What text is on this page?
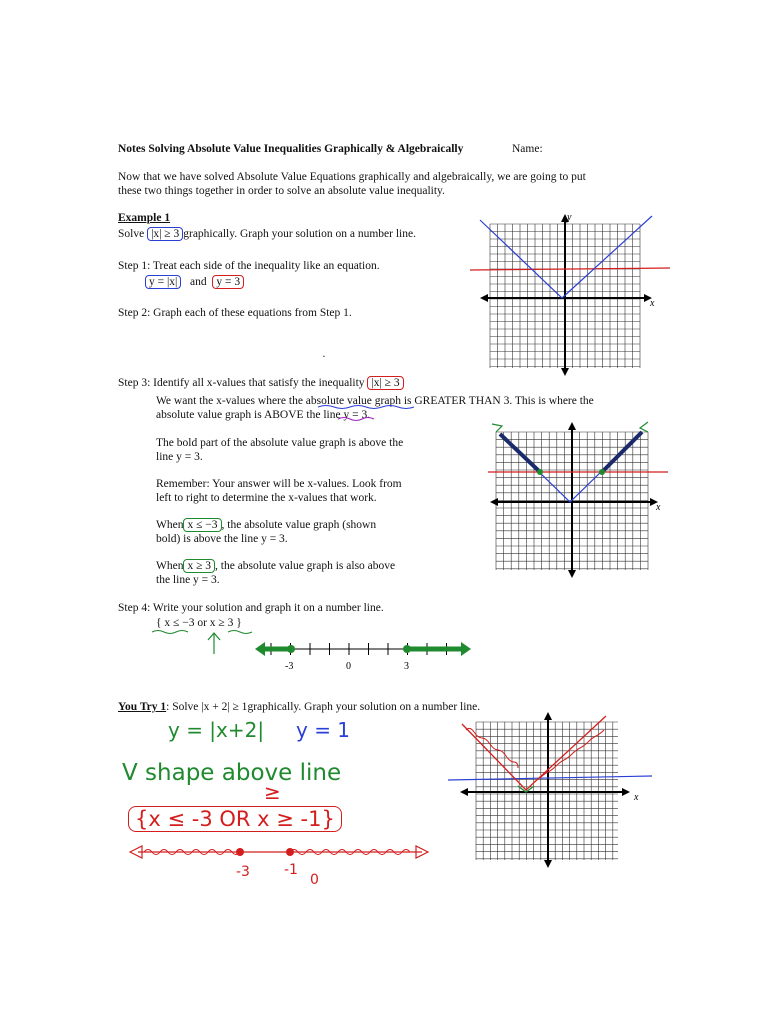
Notes Solving Absolute Value Inequalities Graphically & Algebraically	Name:
Now that we have solved Absolute Value Equations graphically and algebraically, we are going to put
these two things together in order to solve an absolute value inequality.
Example 1
Solve |x| ≥ 3 graphically. Graph your solution on a number line.
Step 1: Treat each side of the inequality like an equation.
y = |x| and y = 3
Step 2: Graph each of these equations from Step 1.
x
y
·
Step 3: Identify all x-values that satisfy the inequality |x| ≥ 3
We want the x-values where the absolute value graph is GREATER THAN 3. This is where the
absolute value graph is ABOVE the line y = 3.
The bold part of the absolute value graph is above the
line y = 3.
Remember: Your answer will be x-values. Look from
left to right to determine the x-values that work.
When x ≤ −3 , the absolute value graph (shown
bold) is above the line y = 3.
When x ≥ 3 , the absolute value graph is also above
the line y = 3.
x
Step 4: Write your solution and graph it on a number line.
{ x ≤ −3 or x ≥ 3 }
-3	0	3
You Try 1: Solve |x + 2| ≥ 1graphically. Graph your solution on a number line.
y = |x+2| y = 1
V shape above line
≥
{x ≤ -3 OR x ≥ -1}
-3 -1
0
x
